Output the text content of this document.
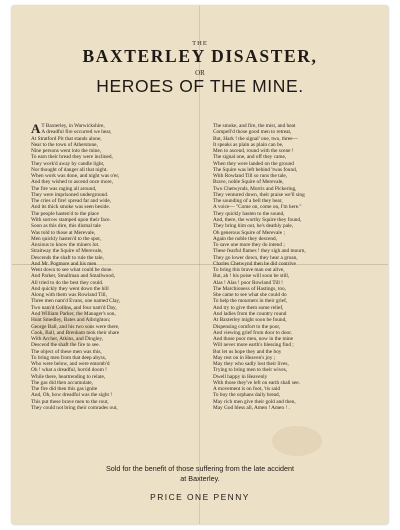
THE
BAXTERLEY DISASTER,
OR
HEROES OF THE MINE.
A T Baxterley, in Warwickshire,
A dreadful fire occurred we hear,
At Stratford Pit that stands alone,
Near to the town of Atherstone,
Nine persons went into the mine,
To earn their bread they were inclined,
They work'd away by candle light,
Nor thought of danger all that night.
When work was done, and night was o'er,
And they wished to ascend once more,
The fire was raging all around,
They were imprisoned underground.
The cries of fire! spread far and wide,
And its thick smoke was seen beside.
The people hasten'd to the place
With sorrow stamped upon their face.
Soon as this dire, this dismal tale
Was told to those at Merevale,
Men quickly hasten'd to the spot,
Anxious to know the miners lot.
Straitway the Squire of Merevale,
Descends the shaft to rule the tale,
And Mr. Pogmore and his men
Went down to see what could be done.
And Parker, Smallman and Smallwood,
All tried to do the best they could.
And quickly they went down the hill
Along with them was Rowland Till,
Three men nam'd Evans, one named Clay,
Two nam'd Collins, and four nam'd Day,
And William Parker, the Manager's son,
Hunt Smedley, Bates and Albrighton;
George Ball, and his two sons were there,
Cook, Ball, and Brenham took their share
With Archer, Atkins, and Dingley,
Descend the shaft the fire to see.
The object of these men was this,
To bring men from that deep abyss,
Who were below, and were entomb'd
Oh ! what a dreadful, horrid doom !
While there, heartrending to relate,
The gas did then accumulate,
The fire did then this gas ignite
And, Oh, how dreadful was the sight !
This put these brave men to the rout,
They could not bring their comrades out,
The smoke, and fire, the mist, and heat
Compell'd those good men to retreat,
But, Hark ! the signal' one, two, three—
It speaks as plain as plain can be,
Men to ascend, round with the scene !
The signal one, and off they came,
When they were landed on the ground
The Squire was left behind 'twas found,
With Rowland Till so runs the tale,
Brave, noble Squire of Merevale,
Two Chetwynds, Morris and Pickering,
They ventured down, their praise we'll sing
The sounding of a bell they hear,
A voice— "Come on, come on, I'm here."
They quickly hasten to the sound,
And, there, the worthy Squire they found,
They bring him out, he's deathly pale,
Oh generous Squire of Merevale ;
Again the noble they descend,
To save one more they do intend ;
These fearful flames ! they sigh and mourn,
They go lower down, they hear a groan,
Charles Chetwynd then he did contrive
To bring this brave man out alive,
But, ah ! his poise will soon be still,
Alas ! Alas ! poor Rowland Till !
The Marchioness of Hastings, too,
She came to see what she could do
To help the mourners in their grief,
And try to give them some relief,
And ladies from the country round
At Baxterley might soon be found,
Dispensing comfort to the poor,
And viewing grief from door to door.
And those poor men, now in the mine
Will never more earth's blessing find ;
But let us hope they and the boy
May rest on in Heaven's joy ;
May they who sadly lost their lives,
Trying to bring men to their wives,
Dwell happy in Heavenly
With those they've left on earth shall see.
A movement is on foot, 'tis said
To buy the orphans daily bread,
May rich men give their gold and then,
May God bless all, Amen ! Amen ! .
Sold for the benefit of those suffering from the late accident
at Baxterley.
PRICE ONE PENNY
